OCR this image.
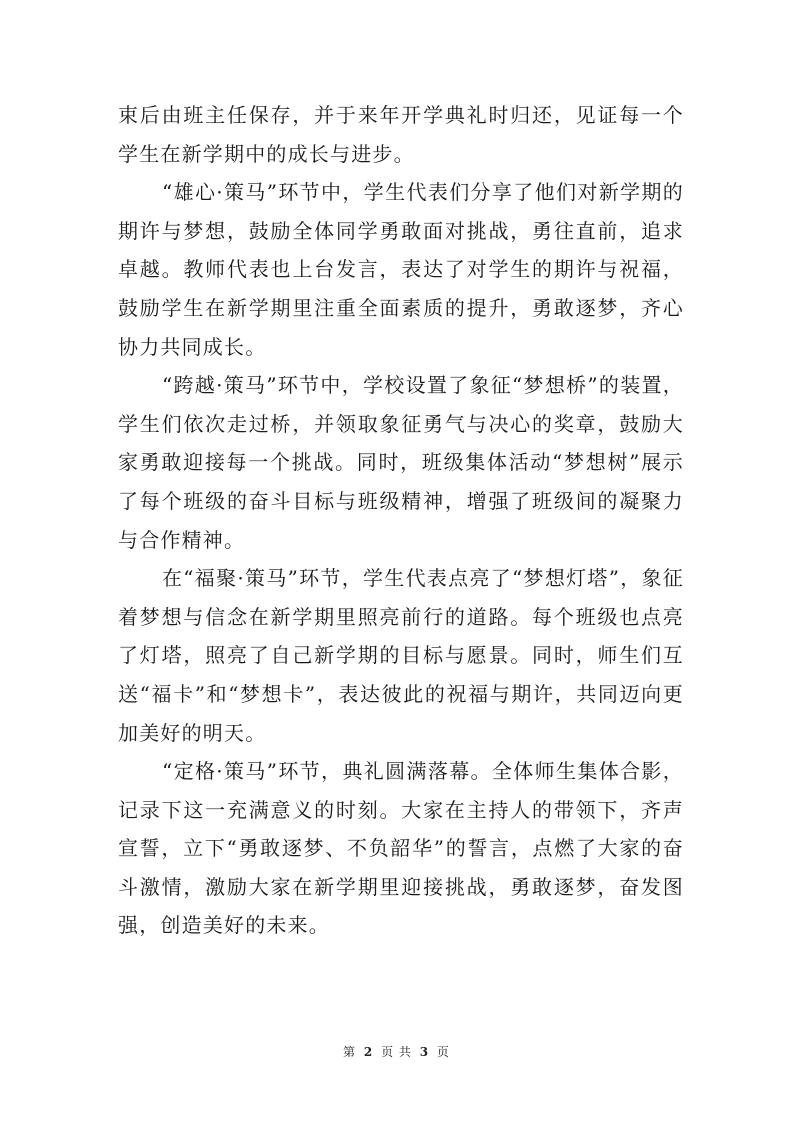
束后由班主任保存，并于来年开学典礼时归还，见证每一个学生在新学期中的成长与进步。

“雄心·策马”环节中，学生代表们分享了他们对新学期的期许与梦想，鼓励全体同学勇敢面对挑战，勇往直前，追求卓越。教师代表也上台发言，表达了对学生的期许与祝福，鼓励学生在新学期里注重全面素质的提升，勇敢逐梦，齐心协力共同成长。

“跨越·策马”环节中，学校设置了象征“梦想桥”的装置，学生们依次走过桥，并领取象征勇气与决心的奖章，鼓励大家勇敢迎接每一个挑战。同时，班级集体活动“梦想树”展示了每个班级的奋斗目标与班级精神，增强了班级间的凝聚力与合作精神。

在“福聚·策马”环节，学生代表点亮了“梦想灯塔”，象征着梦想与信念在新学期里照亮前行的道路。每个班级也点亮了灯塔，照亮了自己新学期的目标与愿景。同时，师生们互送“福卡”和“梦想卡”，表达彼此的祝福与期许，共同迈向更加美好的明天。

“定格·策马”环节，典礼圆满落幕。全体师生集体合影，记录下这一充满意义的时刻。大家在主持人的带领下，齐声宣誓，立下“勇敢逐梦、不负韶华”的誓言，点燃了大家的奋斗激情，激励大家在新学期里迎接挑战，勇敢逐梦，奋发图强，创造美好的未来。

第 2 页 共 3 页
